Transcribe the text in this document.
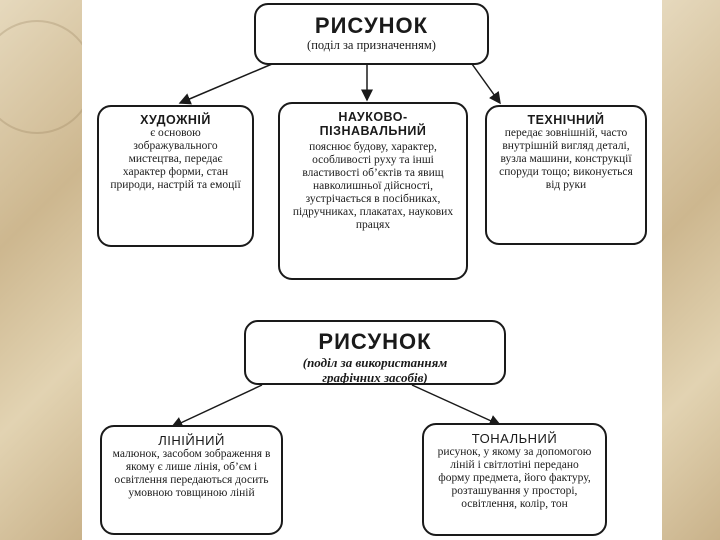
РИСУНОК
(поділ за призначенням)
ХУДОЖНІЙ
є основою зображувального мистецтва, передає характер форми, стан природи, настрій та емоції
НАУКОВО-ПІЗНАВАЛЬНИЙ
пояснює будову, характер, особливості руху та інші властивості об’єктів та явищ навколишньої дійсності, зустрічається в посібниках, підручниках, плакатах, наукових працях
ТЕХНІЧНИЙ
передає зовнішній, часто внутрішній вигляд деталі, вузла машини, конструкції споруди тощо; виконується від руки
РИСУНОК
(поділ за використанням графічних засобів)
ЛІНІЙНИЙ
малюнок, засобом зображення в якому є лише лінія, об’єм і освітлення передаються досить умовною товщиною ліній
ТОНАЛЬНИЙ
рисунок, у якому за допомогою ліній і світлотіні передано форму предмета, його фактуру, розташування у просторі, освітлення, колір, тон
